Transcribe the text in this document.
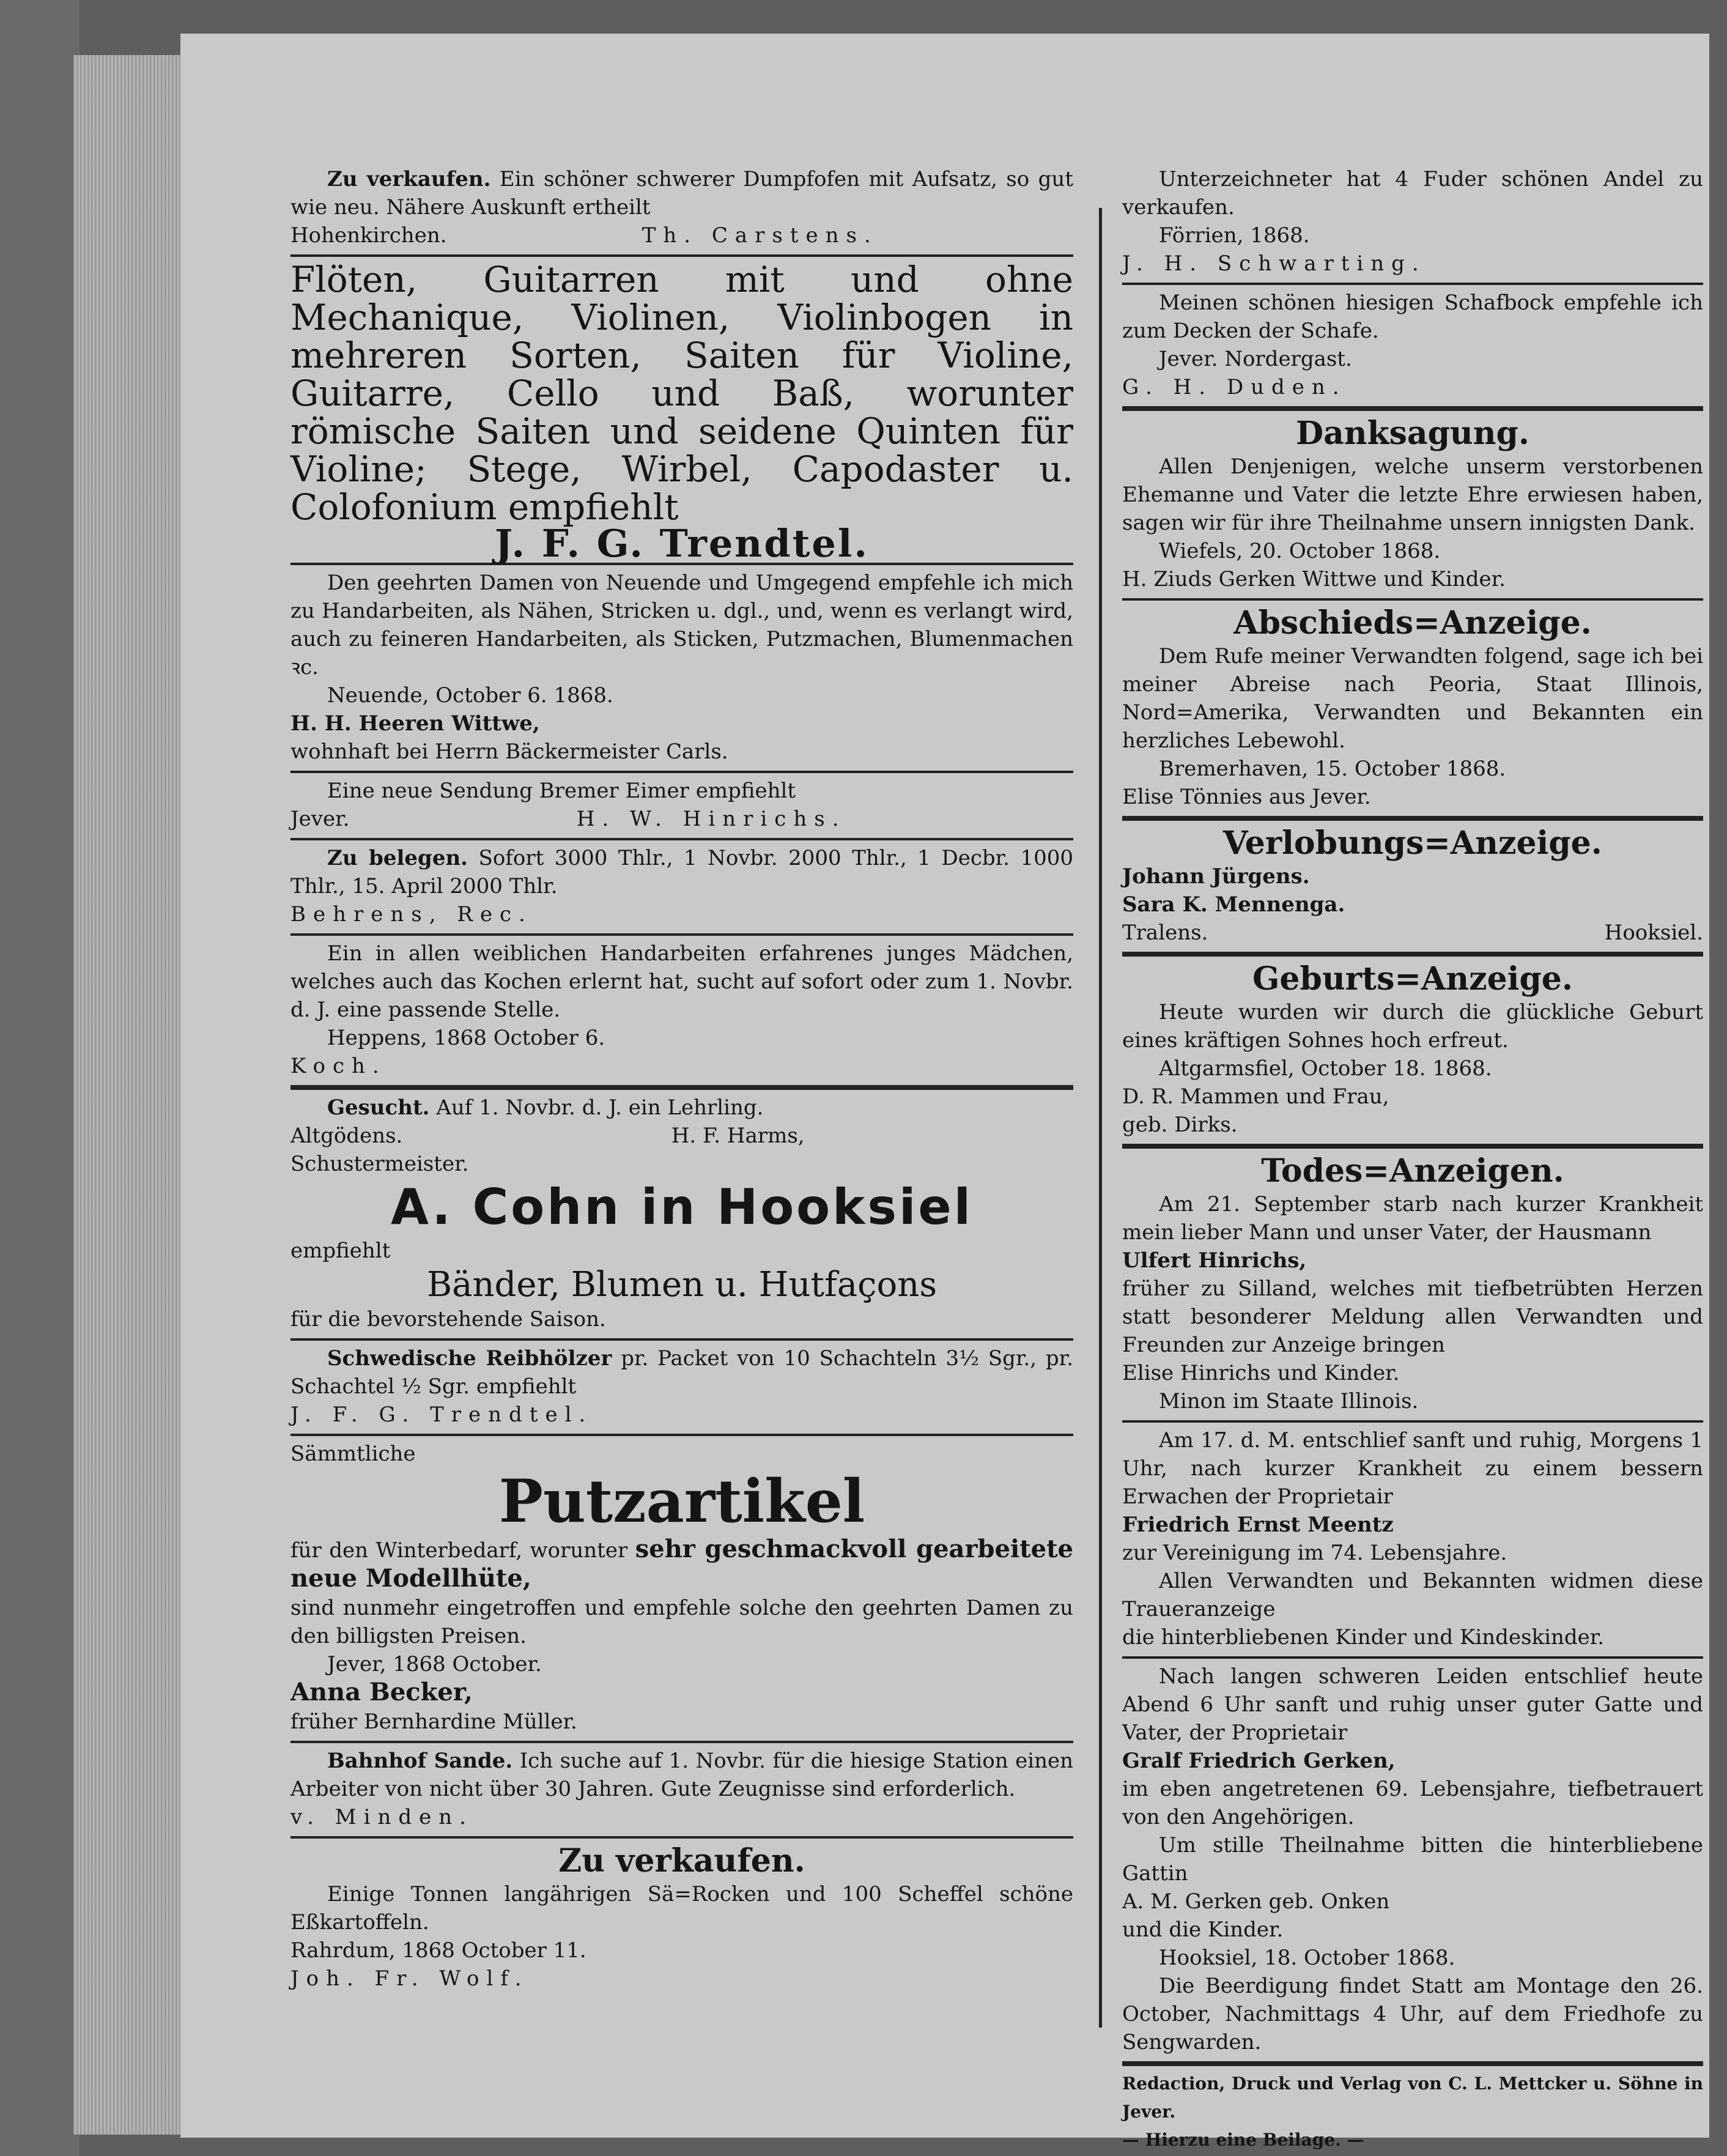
Zu verkaufen. Ein schöner schwerer Dumpfofen mit Aufsatz, so gut wie neu. Nähere Auskunft ertheilt

Hohenkirchen.	Th. Carstens.

Flöten, Guitarren mit und ohne Mechanique, Violinen, Violinbogen in mehreren Sorten, Saiten für Violine, Guitarre, Cello und Baß, worunter römische Saiten und seidene Quinten für Violine; Stege, Wirbel, Capodaster u. Colofonium empfiehlt

J. F. G. Trendtel.

Den geehrten Damen von Neuende und Umgegend empfehle ich mich zu Handarbeiten, als Nähen, Stricken u. dgl., und, wenn es verlangt wird, auch zu feineren Handarbeiten, als Sticken, Putzmachen, Blumenmachen ꝛc.

Neuende, October 6. 1868.

H. H. Heeren Wittwe,

wohnhaft bei Herrn Bäckermeister Carls.

Eine neue Sendung Bremer Eimer empfiehlt

Jever.	H. W. Hinrichs.

Zu belegen. Sofort 3000 Thlr., 1 Novbr. 2000 Thlr., 1 Decbr. 1000 Thlr., 15. April 2000 Thlr.

Behrens, Rec.

Ein in allen weiblichen Handarbeiten erfahrenes junges Mädchen, welches auch das Kochen erlernt hat, sucht auf sofort oder zum 1. Novbr. d. J. eine passende Stelle.

Heppens, 1868 October 6.

Koch.

Gesucht. Auf 1. Novbr. d. J. ein Lehrling.

Altgödens.	H. F. Harms,

Schustermeister.

A. Cohn in Hooksiel

empfiehlt

Bänder, Blumen u. Hutfaçons

für die bevorstehende Saison.

Schwedische Reibhölzer pr. Packet von 10 Schachteln 3½ Sgr., pr. Schachtel ½ Sgr. empfiehlt

J. F. G. Trendtel.

Sämmtliche

Putzartikel

für den Winterbedarf, worunter sehr geschmackvoll gearbeitete neue Modellhüte,

sind nunmehr eingetroffen und empfehle solche den geehrten Damen zu den billigsten Preisen.

Jever, 1868 October.

Anna Becker,

früher Bernhardine Müller.

Bahnhof Sande. Ich suche auf 1. Novbr. für die hiesige Station einen Arbeiter von nicht über 30 Jahren. Gute Zeugnisse sind erforderlich.

v. Minden.

Zu verkaufen.

Einige Tonnen langährigen Sä=Rocken und 100 Scheffel schöne Eßkartoffeln.

Rahrdum, 1868 October 11.

Joh. Fr. Wolf.

Unterzeichneter hat 4 Fuder schönen Andel zu verkaufen.

Förrien, 1868.

J. H. Schwarting.

Meinen schönen hiesigen Schafbock empfehle ich zum Decken der Schafe.

Jever. Nordergast.

G. H. Duden.

Danksagung.

Allen Denjenigen, welche unserm verstorbenen Ehemanne und Vater die letzte Ehre erwiesen haben, sagen wir für ihre Theilnahme unsern innigsten Dank.

Wiefels, 20. October 1868.

H. Ziuds Gerken Wittwe und Kinder.

Abschieds=Anzeige.

Dem Rufe meiner Verwandten folgend, sage ich bei meiner Abreise nach Peoria, Staat Illinois, Nord=Amerika, Verwandten und Bekannten ein herzliches Lebewohl.

Bremerhaven, 15. October 1868.

Elise Tönnies aus Jever.

Verlobungs=Anzeige.

Johann Jürgens.

Sara K. Mennenga.

Tralens.	Hooksiel.
Geburts=Anzeige.

Heute wurden wir durch die glückliche Geburt eines kräftigen Sohnes hoch erfreut.

Altgarmsfiel, October 18. 1868.

D. R. Mammen und Frau,

geb. Dirks.

Todes=Anzeigen.

Am 21. September starb nach kurzer Krankheit mein lieber Mann und unser Vater, der Hausmann

Ulfert Hinrichs,

früher zu Silland, welches mit tiefbetrübten Herzen statt besonderer Meldung allen Verwandten und Freunden zur Anzeige bringen

Elise Hinrichs und Kinder.

Minon im Staate Illinois.

Am 17. d. M. entschlief sanft und ruhig, Morgens 1 Uhr, nach kurzer Krankheit zu einem bessern Erwachen der Proprietair

Friedrich Ernst Meentz

zur Vereinigung im 74. Lebensjahre.

Allen Verwandten und Bekannten widmen diese Traueranzeige

die hinterbliebenen Kinder und Kindeskinder.

Nach langen schweren Leiden entschlief heute Abend 6 Uhr sanft und ruhig unser guter Gatte und Vater, der Proprietair

Gralf Friedrich Gerken,

im eben angetretenen 69. Lebensjahre, tiefbetrauert von den Angehörigen.

Um stille Theilnahme bitten die hinterbliebene Gattin

A. M. Gerken geb. Onken

und die Kinder.

Hooksiel, 18. October 1868.

Die Beerdigung findet Statt am Montage den 26. October, Nachmittags 4 Uhr, auf dem Friedhofe zu Sengwarden.

Redaction, Druck und Verlag von C. L. Mettcker u. Söhne in Jever.

— Hierzu eine Beilage. —
